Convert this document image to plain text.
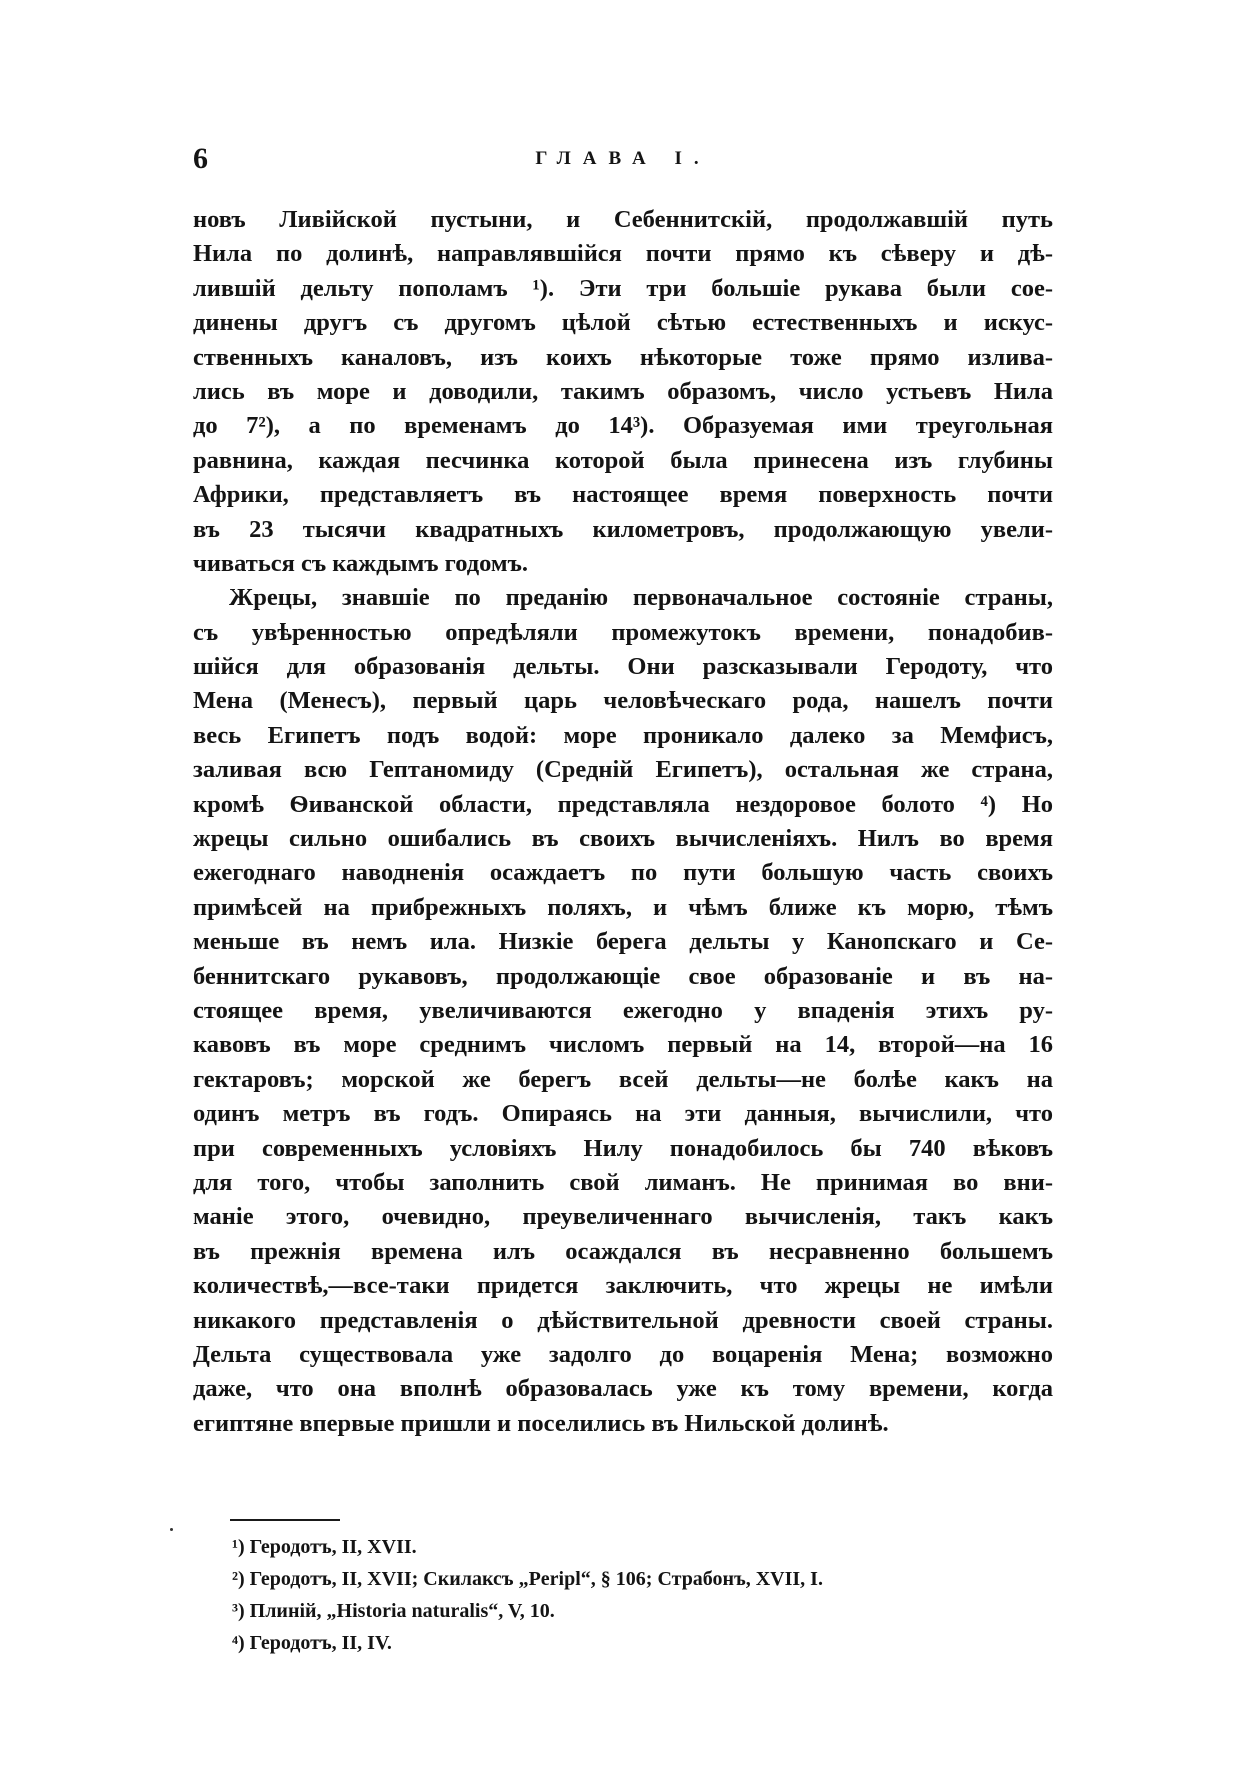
6	ГЛАВА I.
новъ Ливійской пустыни, и Себеннитскій, продолжавшій путь
Нила по долинѣ, направлявшійся почти прямо къ сѣверу и дѣ-
лившій дельту пополамъ ¹). Эти три большіе рукава были сое-
динены другъ съ другомъ цѣлой сѣтью естественныхъ и искус-
ственныхъ каналовъ, изъ коихъ нѣкоторые тоже прямо излива-
лись въ море и доводили, такимъ образомъ, число устьевъ Нила
до 7²), а по временамъ до 14³). Образуемая ими треугольная
равнина, каждая песчинка которой была принесена изъ глубины
Африки, представляетъ въ настоящее время поверхность почти
въ 23 тысячи квадратныхъ километровъ, продолжающую увели-
чиваться съ каждымъ годомъ.
Жрецы, знавшіе по преданію первоначальное состояніе страны,
съ увѣренностью опредѣляли промежутокъ времени, понадобив-
шійся для образованія дельты. Они разсказывали Геродоту, что
Мена (Менесъ), первый царь человѣческаго рода, нашелъ почти
весь Египетъ подъ водой: море проникало далеко за Мемфисъ,
заливая всю Гептаномиду (Средній Египетъ), остальная же страна,
кромѣ Ѳиванской области, представляла нездоровое болото ⁴) Но
жрецы сильно ошибались въ своихъ вычисленіяхъ. Нилъ во время
ежегоднаго наводненія осаждаетъ по пути большую часть своихъ
примѣсей на прибрежныхъ поляхъ, и чѣмъ ближе къ морю, тѣмъ
меньше въ немъ ила. Низкіе берега дельты у Канопскаго и Се-
беннитскаго рукавовъ, продолжающіе свое образованіе и въ на-
стоящее время, увеличиваются ежегодно у впаденія этихъ ру-
кавовъ въ море среднимъ числомъ первый на 14, второй—на 16
гектаровъ; морской же берегъ всей дельты—не болѣе какъ на
одинъ метръ въ годъ. Опираясь на эти данныя, вычислили, что
при современныхъ условіяхъ Нилу понадобилось бы 740 вѣковъ
для того, чтобы заполнить свой лиманъ. Не принимая во вни-
маніе этого, очевидно, преувеличеннаго вычисленія, такъ какъ
въ прежнія времена илъ осаждался въ несравненно большемъ
количествѣ,—все-таки придется заключить, что жрецы не имѣли
никакого представленія о дѣйствительной древности своей страны.
Дельта существовала уже задолго до воцаренія Мена; возможно
даже, что она вполнѣ образовалась уже къ тому времени, когда
египтяне впервые пришли и поселились въ Нильской долинѣ.
¹) Геродотъ, II, XVII.
²) Геродотъ, II, XVII; Скилаксъ „Peripl“, § 106; Страбонъ, XVII, I.
³) Плиній, „Historia naturalis“, V, 10.
⁴) Геродотъ, II, IV.
